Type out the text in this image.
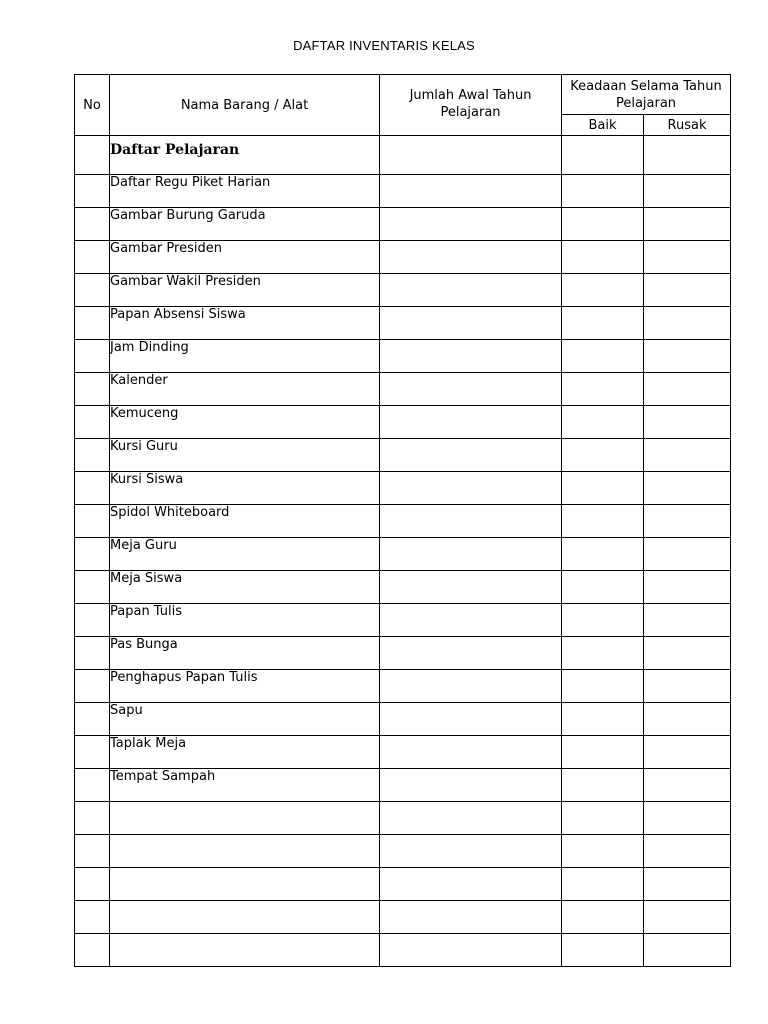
DAFTAR INVENTARIS KELAS
No	Nama Barang / Alat	Jumlah Awal Tahun Pelajaran	Keadaan Selama Tahun Pelajaran	
			Baik	Rusak
	Daftar Pelajaran			
	Daftar Regu Piket Harian			
	Gambar Burung Garuda			
	Gambar Presiden			
	Gambar Wakil Presiden			
	Papan Absensi Siswa			
	Jam Dinding			
	Kalender			
	Kemuceng			
	Kursi Guru			
	Kursi Siswa			
	Spidol Whiteboard			
	Meja Guru			
	Meja Siswa			
	Papan Tulis			
	Pas Bunga			
	Penghapus Papan Tulis			
	Sapu			
	Taplak Meja			
	Tempat Sampah			
